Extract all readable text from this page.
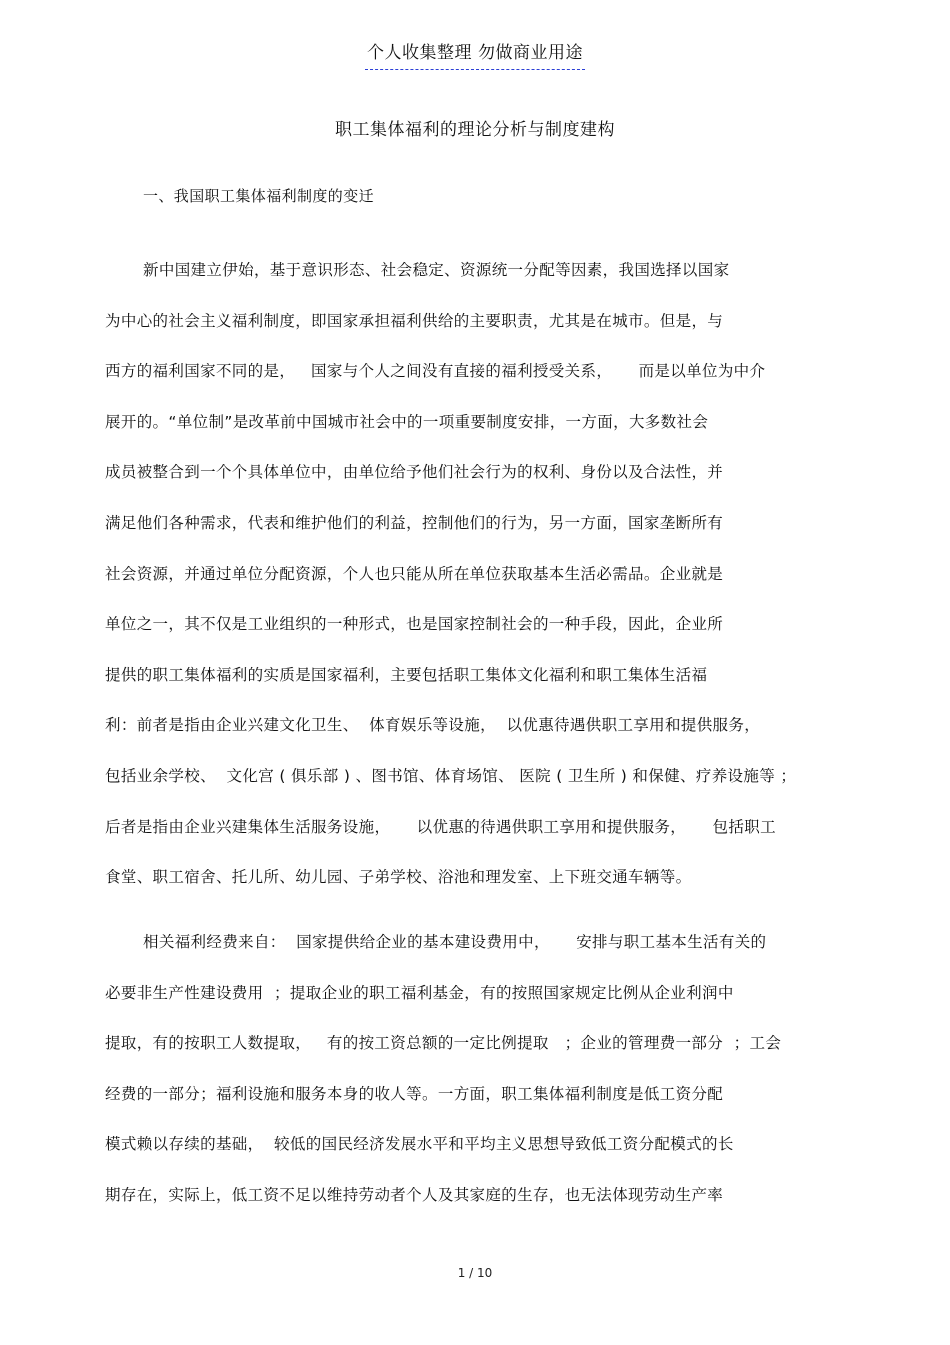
个人收集整理 勿做商业用途
职工集体福利的理论分析与制度建构
一、我国职工集体福利制度的变迁
新中国建立伊始，基于意识形态、社会稳定、资源统一分配等因素，我国选择以国家
为中心的社会主义福利制度，即国家承担福利供给的主要职责，尤其是在城市。但是，与
西方的福利国家不同的是，   国家与个人之间没有直接的福利授受关系，     而是以单位为中介
展开的。“单位制”是改革前中国城市社会中的一项重要制度安排，一方面，大多数社会
成员被整合到一个个具体单位中，由单位给予他们社会行为的权利、身份以及合法性，并
满足他们各种需求，代表和维护他们的利益，控制他们的行为，另一方面，国家垄断所有
社会资源，并通过单位分配资源，个人也只能从所在单位获取基本生活必需品。企业就是
单位之一，其不仅是工业组织的一种形式，也是国家控制社会的一种手段，因此，企业所
提供的职工集体福利的实质是国家福利，主要包括职工集体文化福利和职工集体生活福
利：前者是指由企业兴建文化卫生、  体育娱乐等设施，  以优惠待遇供职工享用和提供服务，
包括业余学校、  文化宫 ( 俱乐部 ) 、图书馆、体育场馆、 医院 ( 卫生所 ) 和保健、疗养设施等 ；
后者是指由企业兴建集体生活服务设施，     以优惠的待遇供职工享用和提供服务，     包括职工
食堂、职工宿舍、托儿所、幼儿园、子弟学校、浴池和理发室、上下班交通车辆等。
相关福利经费来自：  国家提供给企业的基本建设费用中，     安排与职工基本生活有关的
必要非生产性建设费用  ；提取企业的职工福利基金，有的按照国家规定比例从企业利润中
提取，有的按职工人数提取，   有的按工资总额的一定比例提取   ；企业的管理费一部分  ；工会
经费的一部分；福利设施和服务本身的收人等。一方面，职工集体福利制度是低工资分配
模式赖以存续的基础，  较低的国民经济发展水平和平均主义思想导致低工资分配模式的长
期存在，实际上，低工资不足以维持劳动者个人及其家庭的生存，也无法体现劳动生产率
1 / 10
